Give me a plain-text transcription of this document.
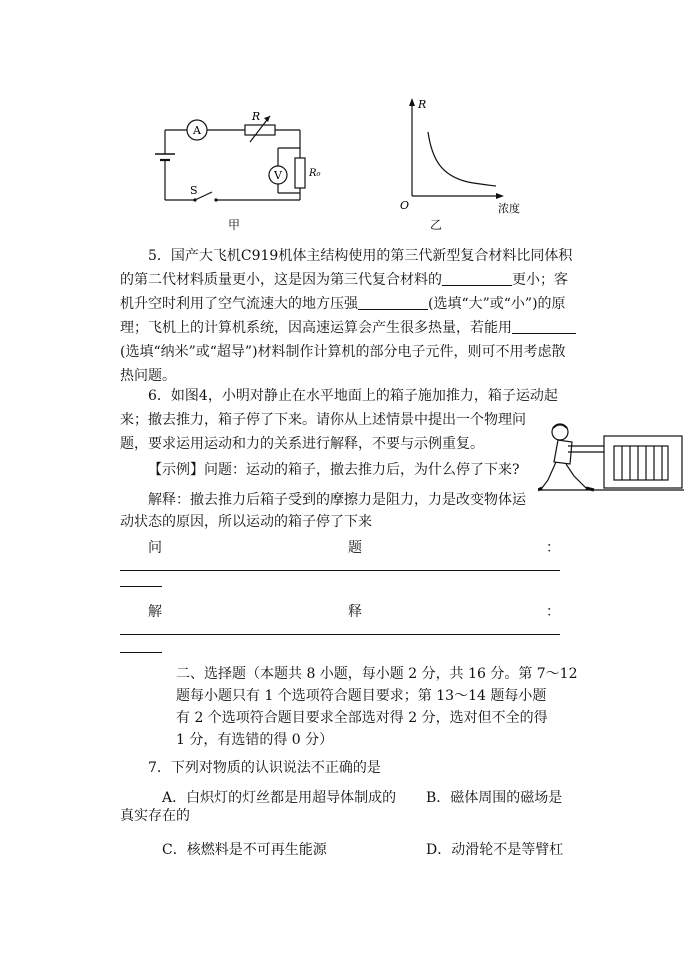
A
R
V	R₀
S
甲
R
O	浓度
乙
5．国产大飞机C919机体主结构使用的第三代新型复合材料比同体积
的第二代材料质量更小，这是因为第三代复合材料的	更小；客
机升空时利用了空气流速大的地方压强	(选填“大”或“小”)的原
理；飞机上的计算机系统，因高速运算会产生很多热量，若能用
(选填“纳米”或“超导”)材料制作计算机的部分电子元件，则可不用考虑散
热问题。
6．如图4，小明对静止在水平地面上的箱子施加推力，箱子运动起
来；撤去推力，箱子停了下来。请你从上述情景中提出一个物理问
题，要求运用运动和力的关系进行解释，不要与示例重复。
【示例】问题：运动的箱子，撤去推力后，为什么停了下来?
解释：撤去推力后箱子受到的摩擦力是阻力，力是改变物体运
动状态的原因，所以运动的箱子停了下来
问	题	：
解	释	：
二、选择题（本题共 8 小题，每小题 2 分，共 16 分。第 7～12
题每小题只有 1 个选项符合题目要求；第 13～14 题每小题
有 2 个选项符合题目要求全部选对得 2 分，选对但不全的得
1 分，有选错的得 0 分）
7．下列对物质的认识说法不正确的是
A．白炽灯的灯丝都是用超导体制成的 B．磁体周围的磁场是
真实存在的
C．核燃料是不可再生能源	D．动滑轮不是等臂杠
